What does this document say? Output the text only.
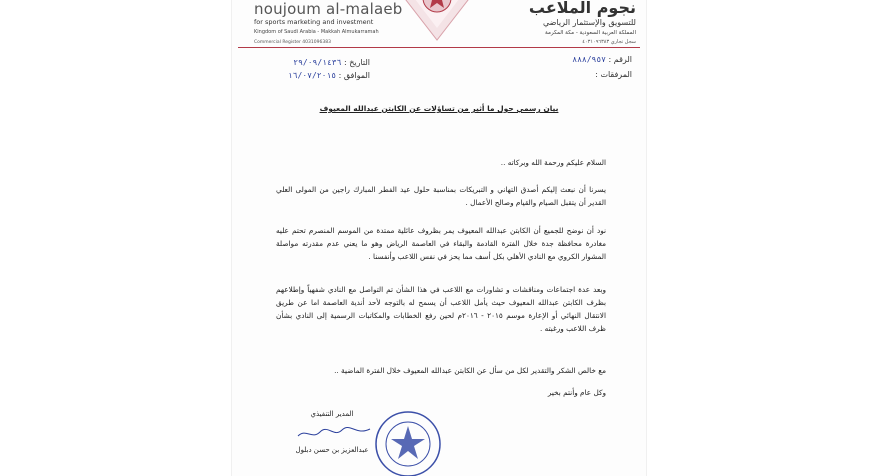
noujoum al-malaeb
for sports marketing and investment
Kingdom of Saudi Arabia - Makkah Almukarramah
Commercial Register 4031096383
نجوم الملاعب
للتسويق والإستثمار الرياضي
المملكة العربية السعودية - مكة المكرمة
سجل تجاري ٤٠٣١٠٩٦٣٨٣
التاريخ : ٢٩/٠٩/١٤٣٦
الموافق : ١٦/٠٧/٢٠١٥
الرقم : ٨٨٨/٩٥٧
المرفقات :
بيان رسمي حول ما أثير من تساؤلات عن الكابتن عبدالله المعيوف
السلام عليكم ورحمة الله وبركاته ..
يسرنا أن نبعث إليكم أصدق التهاني و التبريكات بمناسبة حلول عيد الفطر المبارك راجين من المولى العلي القدير أن يتقبل الصيام والقيام وصالح الأعمال .
نود أن نوضح للجميع أن الكابتن عبدالله المعيوف يمر بظروف عائلية ممتدة من الموسم المنصرم تحتم عليه مغادرة محافظة جدة خلال الفترة القادمة والبقاء في العاصمة الرياض وهو ما يعني عدم مقدرته مواصلة المشوار الكروي مع النادي الأهلي بكل أسف مما يحز في نفس اللاعب وأنفسنا .
وبعد عدة اجتماعات ومناقشات و تشاورات مع اللاعب في هذا الشأن تم التواصل مع النادي شفهياً وإطلاعهم بظرف الكابتن عبدالله المعيوف حيث يأمل اللاعب أن يسمح له بالتوجه لأحد أندية العاصمة اما عن طريق الانتقال النهائي أو الإعارة موسم ٢٠١٥ - ٢٠١٦م لحين رفع الخطابات والمكاتبات الرسمية إلى النادي بشأن ظرف اللاعب ورغبته .
مع خالص الشكر والتقدير لكل من سأل عن الكابتن عبدالله المعيوف خلال الفترة الماضية ..
وكل عام وأنتم بخير
المدير التنفيذي
عبدالعزيز بن حسن دبلول
